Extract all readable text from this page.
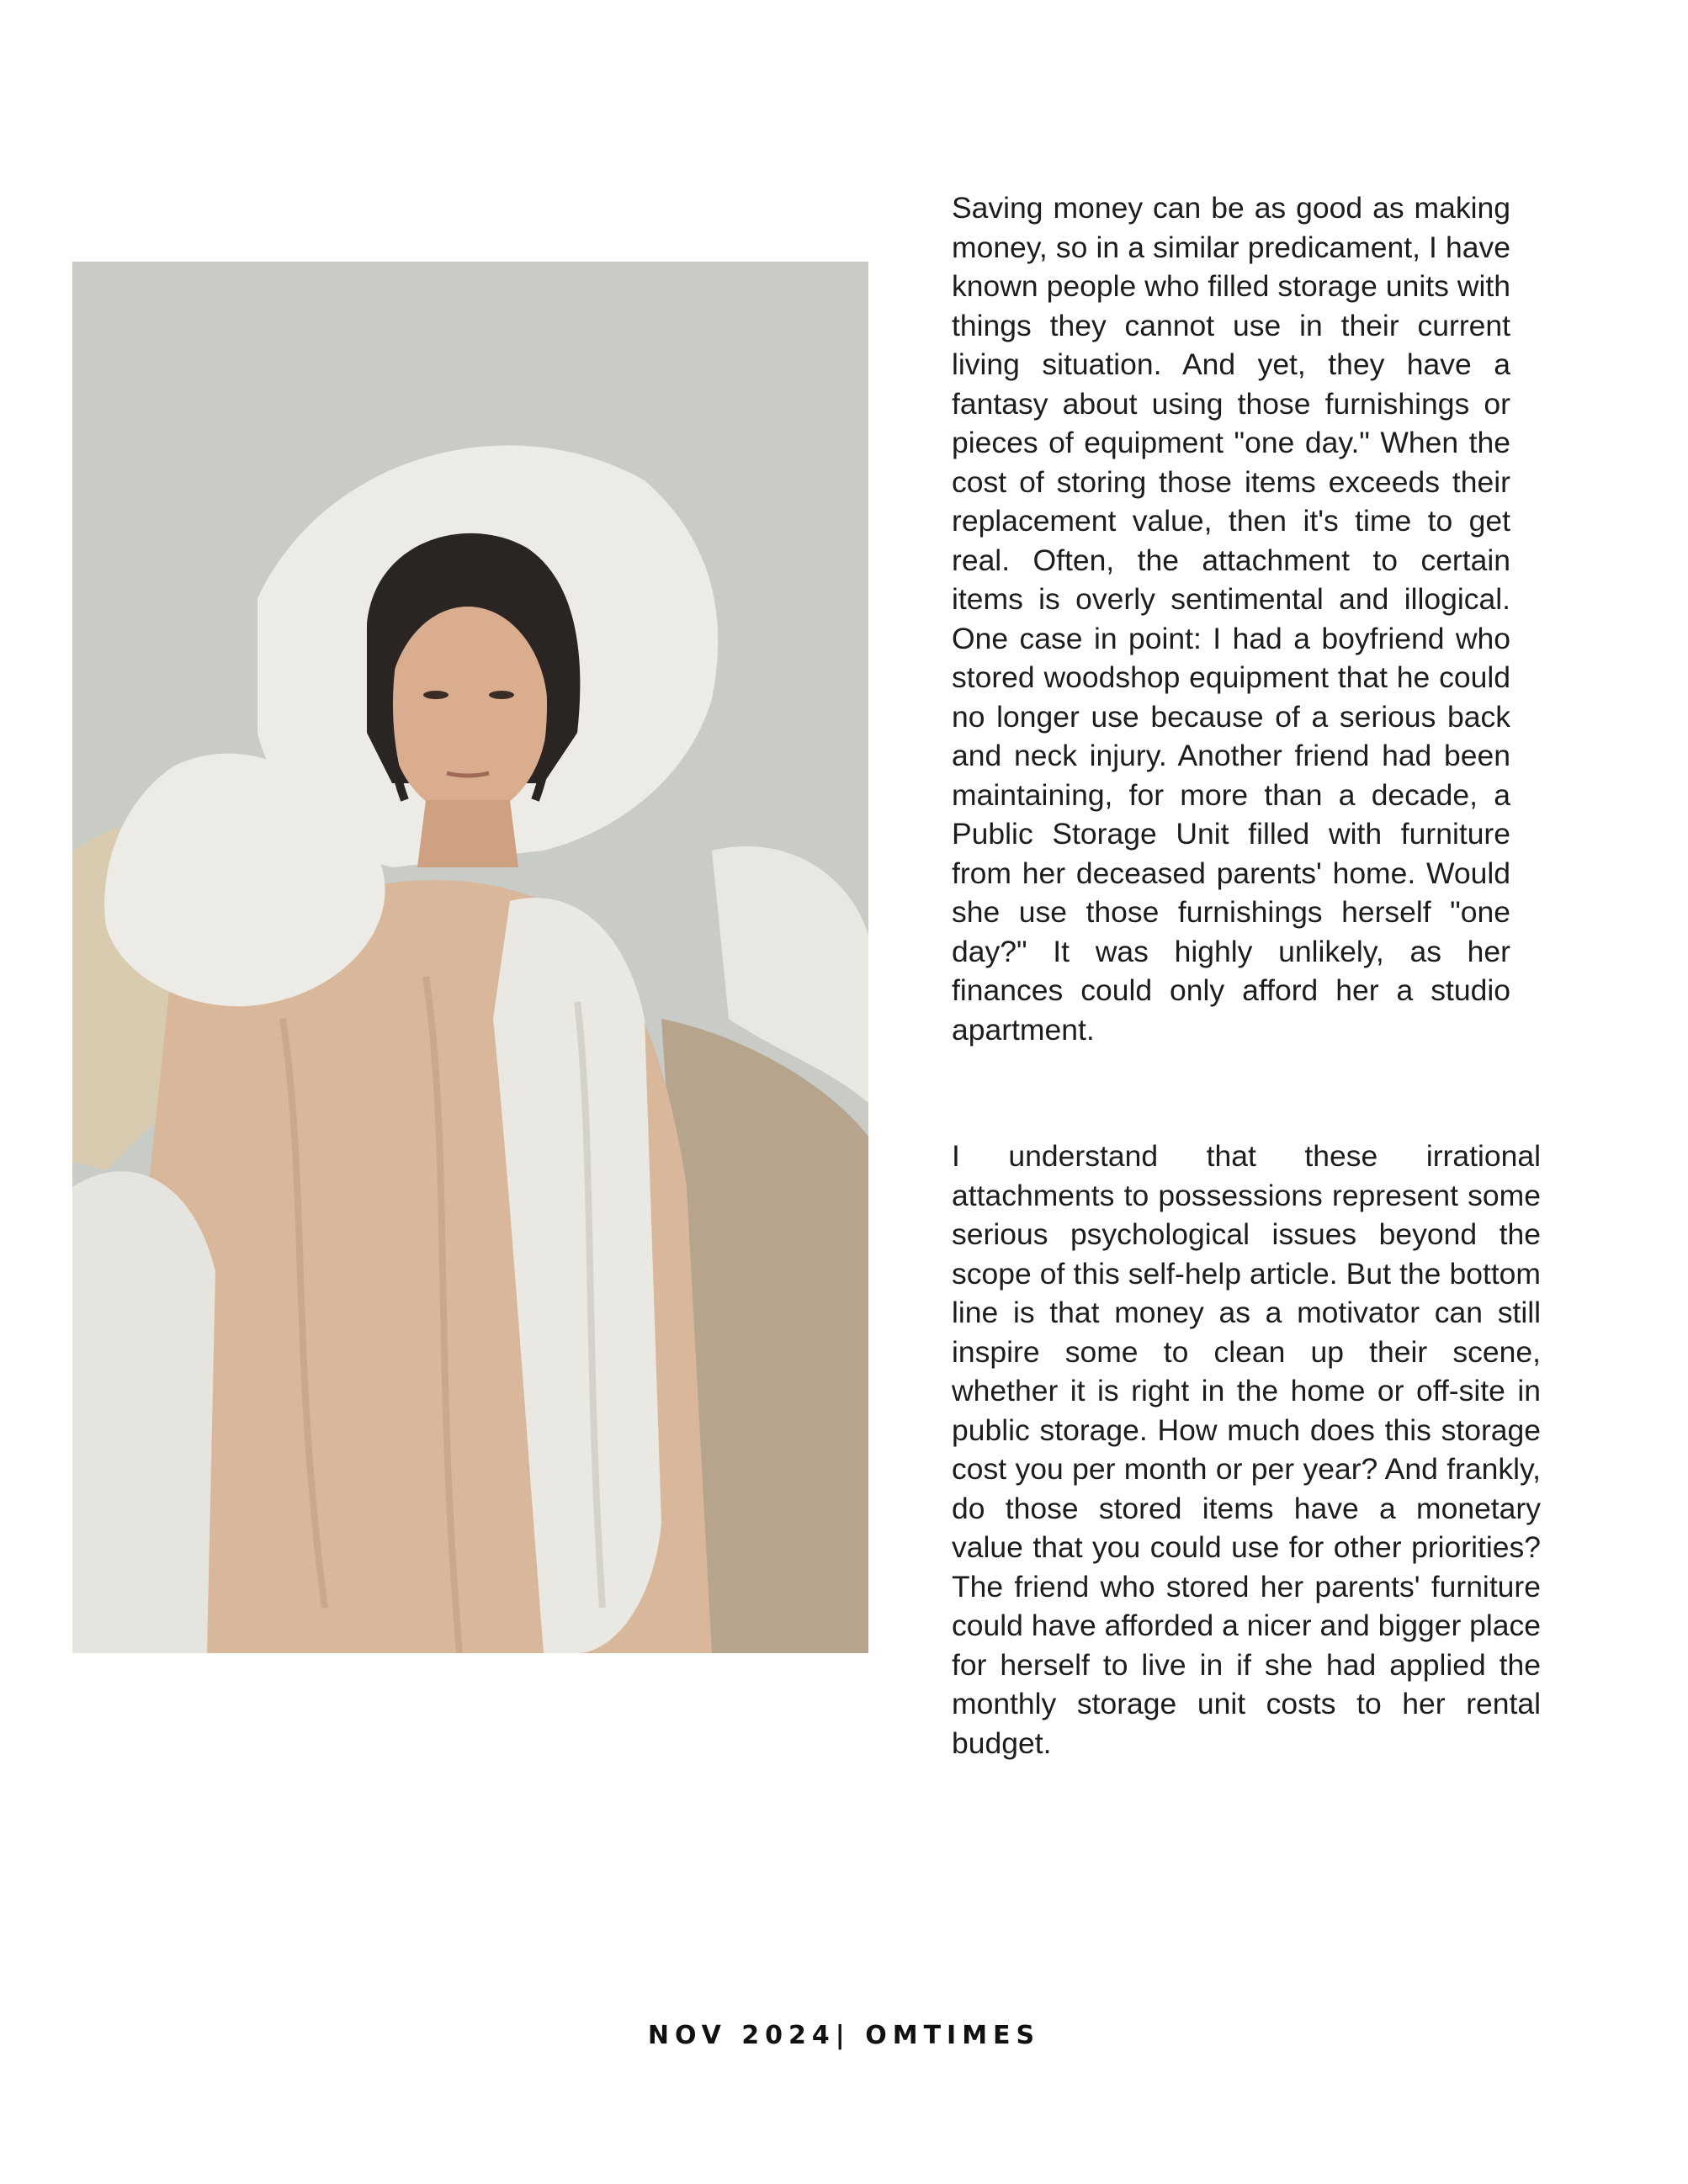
Saving money can be as good as making money, so in a similar predicament, I have known people who filled storage units with things they cannot use in their current living situation. And yet, they have a fantasy about using those furnishings or pieces of equipment "one day." When the cost of storing those items exceeds their replacement value, then it's time to get real. Often, the attachment to certain items is overly sentimental and illogical. One case in point: I had a boyfriend who stored woodshop equipment that he could no longer use because of a serious back and neck injury. Another friend had been maintaining, for more than a decade, a Public Storage Unit filled with furniture from her deceased parents' home. Would she use those furnishings herself "one day?" It was highly unlikely, as her finances could only afford her a studio apartment.

I understand that these irrational attachments to possessions represent some serious psychological issues beyond the scope of this self-help article. But the bottom line is that money as a motivator can still inspire some to clean up their scene, whether it is right in the home or off-site in public storage. How much does this storage cost you per month or per year? And frankly, do those stored items have a monetary value that you could use for other priorities? The friend who stored her parents' furniture could have afforded a nicer and bigger place for herself to live in if she had applied the monthly storage unit costs to her rental budget.

NOV 2024| OMTIMES
